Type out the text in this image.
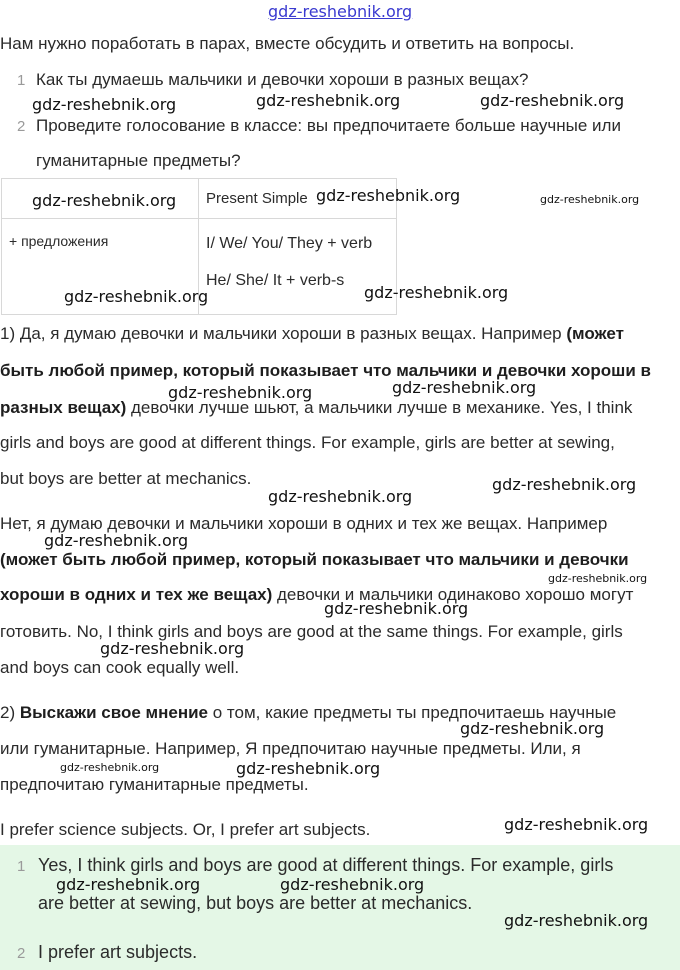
gdz-reshebnik.org
Нам нужно поработать в парах, вместе обсудить и ответить на вопросы.
1 Как ты думаешь мальчики и девочки хороши в разных вещах?
2 Проведите голосование в классе: вы предпочитаете больше научные или
гуманитарные предметы?

	Present Simple

+ предложения	I/ We/ You/ They + verb
He/ She/ It + verb-s
1) Да, я думаю девочки и мальчики хороши в разных вещах. Например (может
быть любой пример, который показывает что мальчики и девочки хороши в
разных вещах) девочки лучше шьют, а мальчики лучше в механике. Yes, I think
girls and boys are good at different things. For example, girls are better at sewing,
but boys are better at mechanics.
Нет, я думаю девочки и мальчики хороши в одних и тех же вещах. Например
(может быть любой пример, который показывает что мальчики и девочки
хороши в одних и тех же вещах) девочки и мальчики одинаково хорошо могут
готовить. No, I think girls and boys are good at the same things. For example, girls
and boys can cook equally well.
2) Выскажи свое мнение о том, какие предметы ты предпочитаешь научные
или гуманитарные. Например, Я предпочитаю научные предметы. Или, я
предпочитаю гуманитарные предметы.
I prefer science subjects. Or, I prefer art subjects.
1 Yes, I think girls and boys are good at different things. For example, girls
are better at sewing, but boys are better at mechanics.
2 I prefer art subjects.
gdz-reshebnik.org	gdz-reshebnik.org	gdz-reshebnik.org
gdz-reshebnik.org	gdz-reshebnik.org	gdz-reshebnik.org
gdz-reshebnik.org	gdz-reshebnik.org
gdz-reshebnik.org	gdz-reshebnik.org
gdz-reshebnik.org
gdz-reshebnik.org
gdz-reshebnik.org
gdz-reshebnik.org
gdz-reshebnik.org
gdz-reshebnik.org
gdz-reshebnik.org
gdz-reshebnik.org	gdz-reshebnik.org
gdz-reshebnik.org
gdz-reshebnik.org	gdz-reshebnik.org
gdz-reshebnik.org
